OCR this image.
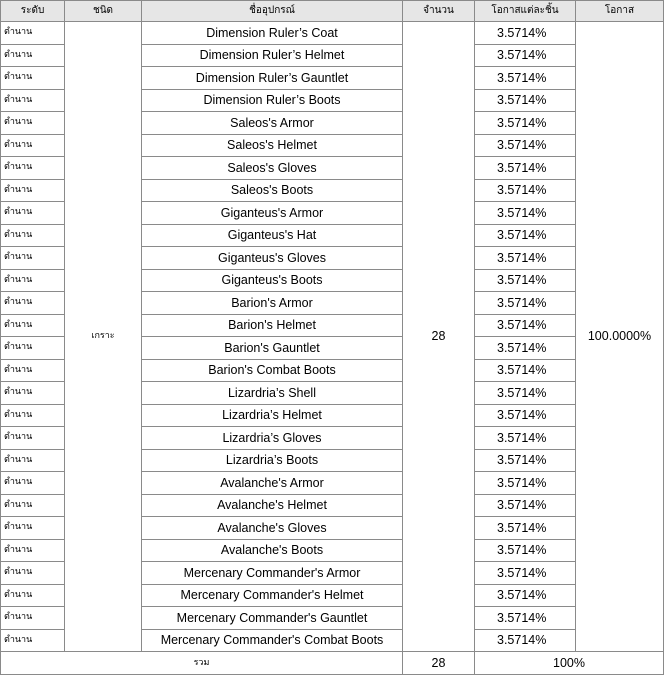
ระดับ	ชนิด	ชื่ออุปกรณ์	จำนวน	โอกาสแต่ละชิ้น	โอกาส
ตำนาน	เกราะ	Dimension Ruler’s Coat	28	3.5714%	100.0000%
ตำนาน		Dimension Ruler’s Helmet		3.5714%	
ตำนาน		Dimension Ruler’s Gauntlet		3.5714%	
ตำนาน		Dimension Ruler’s Boots		3.5714%	
ตำนาน		Saleos's Armor		3.5714%	
ตำนาน		Saleos's Helmet		3.5714%	
ตำนาน		Saleos's Gloves		3.5714%	
ตำนาน		Saleos's Boots		3.5714%	
ตำนาน		Giganteus's Armor		3.5714%	
ตำนาน		Giganteus's Hat		3.5714%	
ตำนาน		Giganteus's Gloves		3.5714%	
ตำนาน		Giganteus's Boots		3.5714%	
ตำนาน		Barion's Armor		3.5714%	
ตำนาน		Barion's Helmet		3.5714%	
ตำนาน		Barion's Gauntlet		3.5714%	
ตำนาน		Barion's Combat Boots		3.5714%	
ตำนาน		Lizardria’s Shell		3.5714%	
ตำนาน		Lizardria’s Helmet		3.5714%	
ตำนาน		Lizardria’s Gloves		3.5714%	
ตำนาน		Lizardria’s Boots		3.5714%	
ตำนาน		Avalanche's Armor		3.5714%	
ตำนาน		Avalanche's Helmet		3.5714%	
ตำนาน		Avalanche's Gloves		3.5714%	
ตำนาน		Avalanche's Boots		3.5714%	
ตำนาน		Mercenary Commander's Armor		3.5714%	
ตำนาน		Mercenary Commander's Helmet		3.5714%	
ตำนาน		Mercenary Commander's Gauntlet		3.5714%	
ตำนาน		Mercenary Commander's Combat Boots		3.5714%	
รวม			28	100%	
